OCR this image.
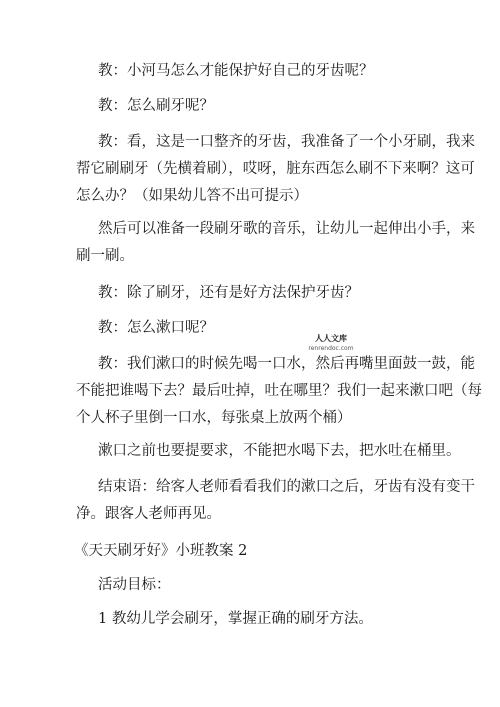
教：小河马怎么才能保护好自己的牙齿呢？

教：怎么刷牙呢？

教：看，这是一口整齐的牙齿，我准备了一个小牙刷，我来
帮它刷刷牙（先横着刷），哎呀，脏东西怎么刷不下来啊？这可
怎么办？（如果幼儿答不出可提示）

然后可以准备一段刷牙歌的音乐，让幼儿一起伸出小手，来
刷一刷。

教：除了刷牙，还有是好方法保护牙齿？

教：怎么漱口呢？

教：我们漱口的时候先喝一口水，然后再嘴里面鼓一鼓，能
不能把谁喝下去？最后吐掉，吐在哪里？我们一起来漱口吧（每
个人杯子里倒一口水，每张桌上放两个桶）

漱口之前也要提要求，不能把水喝下去，把水吐在桶里。

结束语：给客人老师看看我们的漱口之后，牙齿有没有变干
净。跟客人老师再见。

《天天刷牙好》小班教案 2
活动目标：
1 教幼儿学会刷牙，掌握正确的刷牙方法。
人人文库
renrendoc.com
